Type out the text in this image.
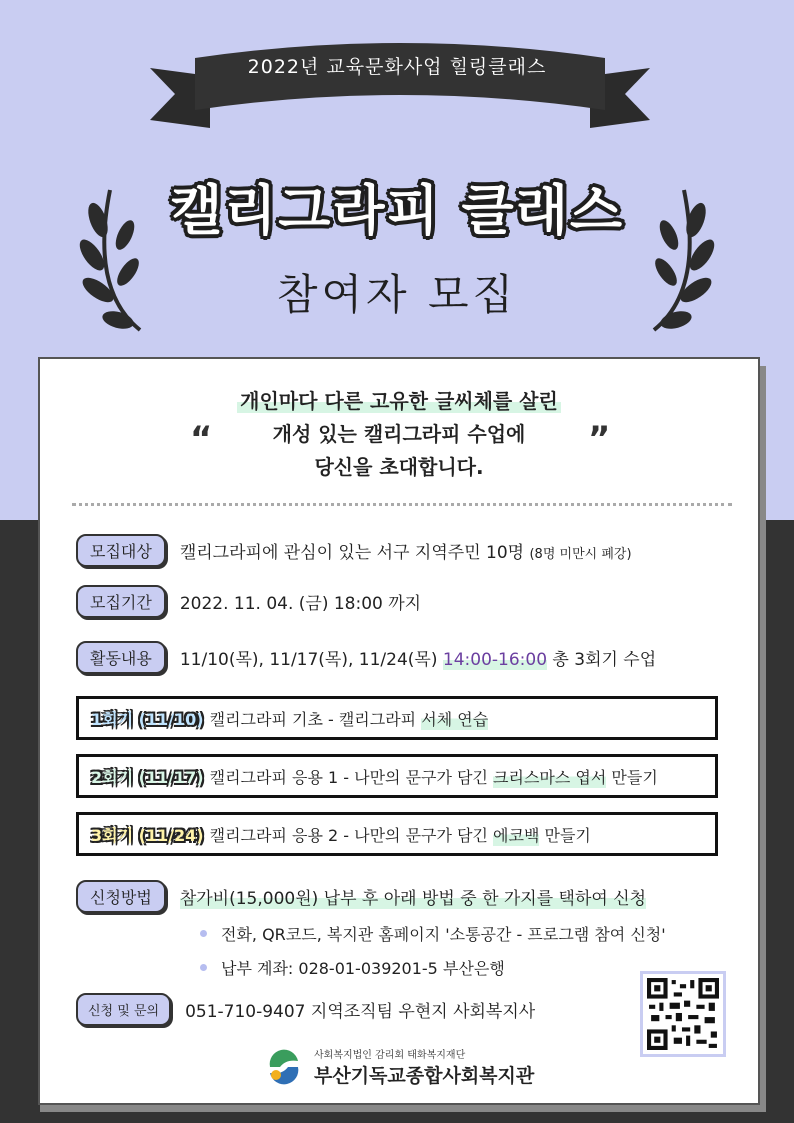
2022년 교육문화사업 힐링클래스
캘리그라피 클래스
참여자 모집
개인마다 다른 고유한 글씨체를 살린
개성 있는 캘리그라피 수업에
당신을 초대합니다.
“	”
모집대상	캘리그라피에 관심이 있는 서구 지역주민 10명 (8명 미만시 폐강)
모집기간	2022. 11. 04. (금) 18:00 까지
활동내용	11/10(목), 11/17(목), 11/24(목) 14:00-16:00 총 3회기 수업
1회기 (11/10) 캘리그라피 기초 - 캘리그라피
서체 연습
2회기 (11/17) 캘리그라피 응용 1 - 나만의 문구가 담긴
크리스마스 엽서
만들기
3회기 (11/24) 캘리그라피 응용 2 - 나만의 문구가 담긴
에코백
만들기
신청방법	참가비(15,000원) 납부 후 아래 방법 중 한 가지를 택하여 신청
전화, QR코드, 복지관 홈페이지 '소통공간 - 프로그램 참여 신청'
납부 계좌: 028-01-039201-5 부산은행
신청 및 문의	051-710-9407 지역조직팀 우현지 사회복지사
사회복지법인 감리회 태화복지재단
부산기독교종합사회복지관
